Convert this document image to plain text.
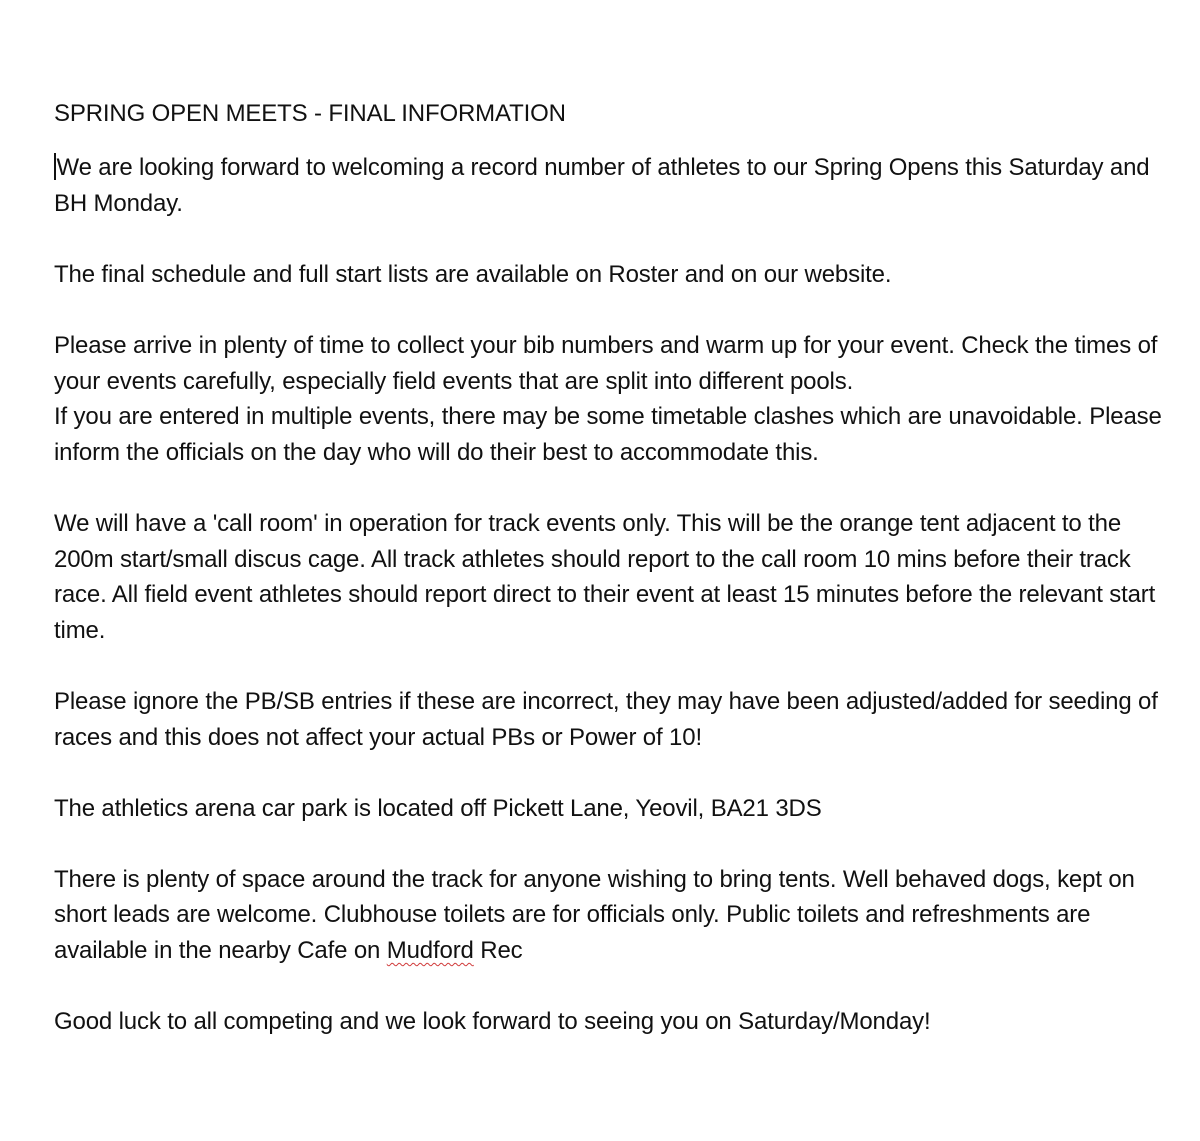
SPRING OPEN MEETS - FINAL INFORMATION

We are looking forward to welcoming a record number of athletes to our Spring Opens this Saturday and BH Monday.

The final schedule and full start lists are available on Roster and on our website.

Please arrive in plenty of time to collect your bib numbers and warm up for your event. Check the times of your events carefully, especially field events that are split into different pools.

If you are entered in multiple events, there may be some timetable clashes which are unavoidable. Please inform the officials on the day who will do their best to accommodate this.

We will have a 'call room' in operation for track events only. This will be the orange tent adjacent to the 200m start/small discus cage. All track athletes should report to the call room 10 mins before their track race. All field event athletes should report direct to their event at least 15 minutes before the relevant start time.

Please ignore the PB/SB entries if these are incorrect, they may have been adjusted/added for seeding of races and this does not affect your actual PBs or Power of 10!

The athletics arena car park is located off Pickett Lane, Yeovil, BA21 3DS

There is plenty of space around the track for anyone wishing to bring tents. Well behaved dogs, kept on short leads are welcome. Clubhouse toilets are for officials only. Public toilets and refreshments are available in the nearby Cafe on Mudford Rec

Good luck to all competing and we look forward to seeing you on Saturday/Monday!
